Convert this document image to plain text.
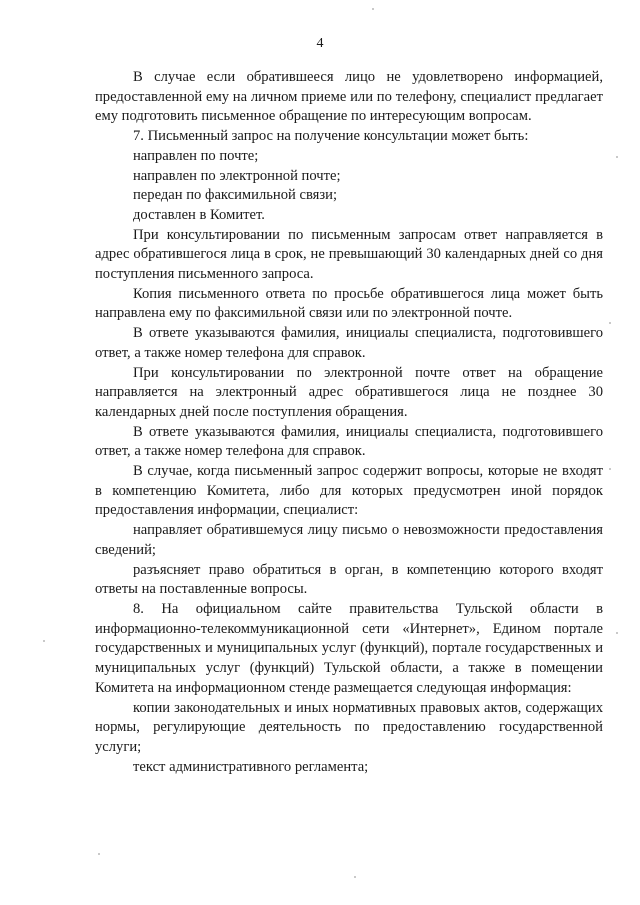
4

В случае если обратившееся лицо не удовлетворено информацией, предоставленной ему на личном приеме или по телефону, специалист предлагает ему подготовить письменное обращение по интересующим вопросам.

7. Письменный запрос на получение консультации может быть:

направлен по почте;

направлен по электронной почте;

передан по факсимильной связи;

доставлен в Комитет.

При консультировании по письменным запросам ответ направляется в адрес обратившегося лица в срок, не превышающий 30 календарных дней со дня поступления письменного запроса.

Копия письменного ответа по просьбе обратившегося лица может быть направлена ему по факсимильной связи или по электронной почте.

В ответе указываются фамилия, инициалы специалиста, подготовившего ответ, а также номер телефона для справок.

При консультировании по электронной почте ответ на обращение направляется на электронный адрес обратившегося лица не позднее 30 календарных дней после поступления обращения.

В ответе указываются фамилия, инициалы специалиста, подготовившего ответ, а также номер телефона для справок.

В случае, когда письменный запрос содержит вопросы, которые не входят в компетенцию Комитета, либо для которых предусмотрен иной порядок предоставления информации, специалист:

направляет обратившемуся лицу письмо о невозможности предоставления сведений;

разъясняет право обратиться в орган, в компетенцию которого входят ответы на поставленные вопросы.

8. На официальном сайте правительства Тульской области в информационно-телекоммуникационной сети «Интернет», Едином портале государственных и муниципальных услуг (функций), портале государственных и муниципальных услуг (функций) Тульской области, а также в помещении Комитета на информационном стенде размещается следующая информация:

копии законодательных и иных нормативных правовых актов, содержащих нормы, регулирующие деятельность по предоставлению государственной услуги;

текст административного регламента;
